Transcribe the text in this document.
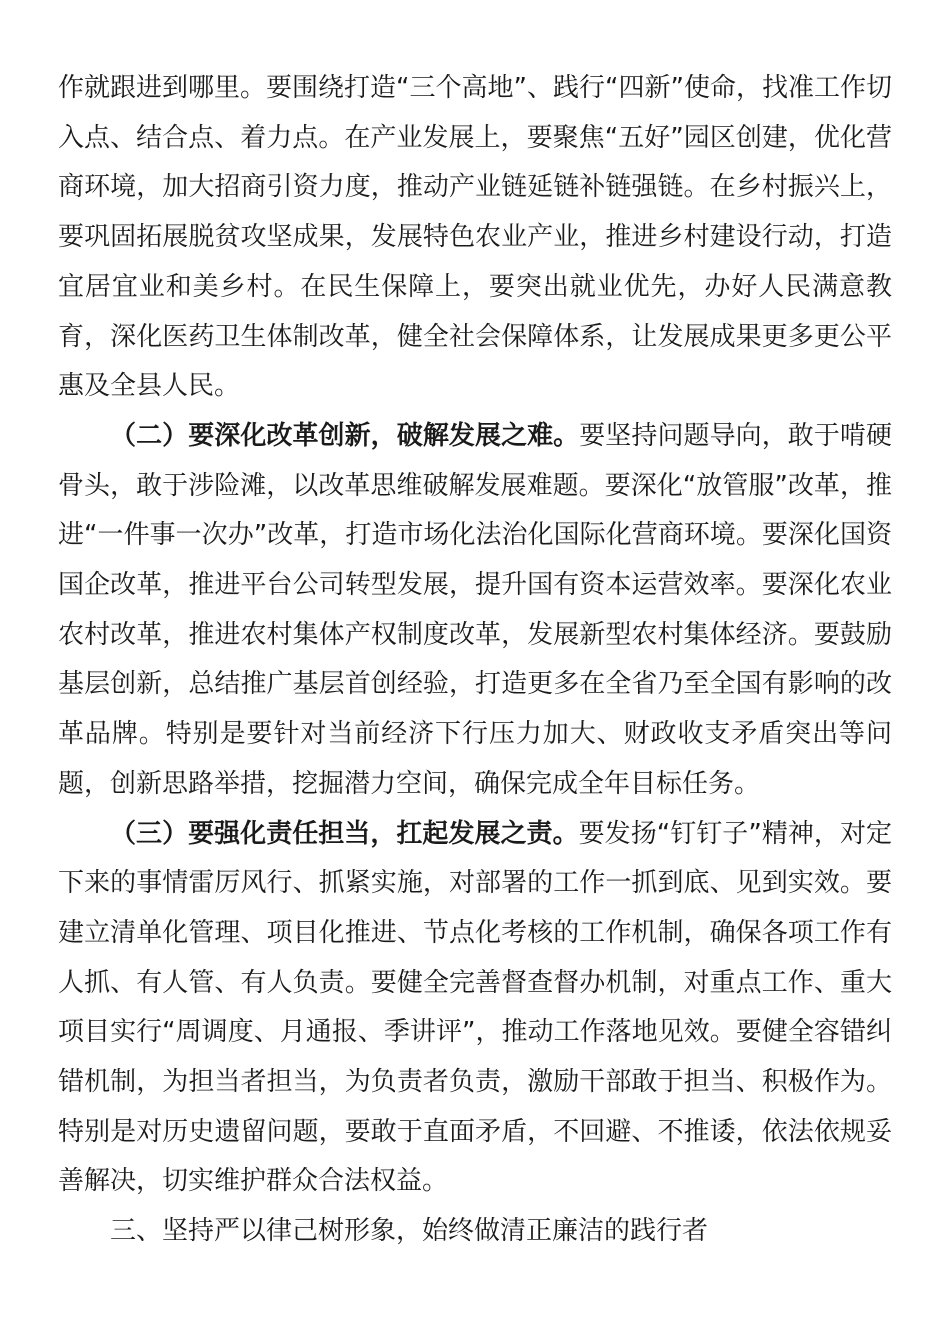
作就跟进到哪里。要围绕打造“三个高地”、践行“四新”使命，找准工作切入点、结合点、着力点。在产业发展上，要聚焦“五好”园区创建，优化营商环境，加大招商引资力度，推动产业链延链补链强链。在乡村振兴上，要巩固拓展脱贫攻坚成果，发展特色农业产业，推进乡村建设行动，打造宜居宜业和美乡村。在民生保障上，要突出就业优先，办好人民满意教育，深化医药卫生体制改革，健全社会保障体系，让发展成果更多更公平惠及全县人民。

（二）要深化改革创新，破解发展之难。要坚持问题导向，敢于啃硬骨头，敢于涉险滩，以改革思维破解发展难题。要深化“放管服”改革，推进“一件事一次办”改革，打造市场化法治化国际化营商环境。要深化国资国企改革，推进平台公司转型发展，提升国有资本运营效率。要深化农业农村改革，推进农村集体产权制度改革，发展新型农村集体经济。要鼓励基层创新，总结推广基层首创经验，打造更多在全省乃至全国有影响的改革品牌。特别是要针对当前经济下行压力加大、财政收支矛盾突出等问题，创新思路举措，挖掘潜力空间，确保完成全年目标任务。

（三）要强化责任担当，扛起发展之责。要发扬“钉钉子”精神，对定下来的事情雷厉风行、抓紧实施，对部署的工作一抓到底、见到实效。要建立清单化管理、项目化推进、节点化考核的工作机制，确保各项工作有人抓、有人管、有人负责。要健全完善督查督办机制，对重点工作、重大项目实行“周调度、月通报、季讲评”，推动工作落地见效。要健全容错纠错机制，为担当者担当，为负责者负责，激励干部敢于担当、积极作为。特别是对历史遗留问题，要敢于直面矛盾，不回避、不推诿，依法依规妥善解决，切实维护群众合法权益。

三、坚持严以律己树形象，始终做清正廉洁的践行者
